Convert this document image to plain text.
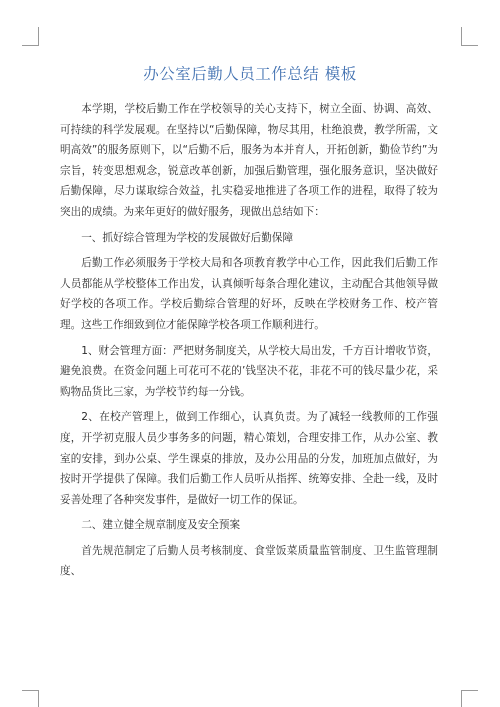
办公室后勤人员工作总结 模板

本学期，学校后勤工作在学校领导的关心支持下，树立全面、协调、高效、可持续的科学发展观。在坚持以“后勤保障，物尽其用，杜绝浪费，教学所需，文明高效”的服务原则下，以“后勤不后，服务为本并育人，开拓创新，勤俭节约”为宗旨，转变思想观念，锐意改革创新，加强后勤管理，强化服务意识，坚决做好后勤保障，尽力谋取综合效益，扎实稳妥地推进了各项工作的进程，取得了较为突出的成绩。为来年更好的做好服务，现做出总结如下：

一、抓好综合管理为学校的发展做好后勤保障

后勤工作必须服务于学校大局和各项教育教学中心工作，因此我们后勤工作人员都能从学校整体工作出发，认真倾听每条合理化建议，主动配合其他领导做好学校的各项工作。学校后勤综合管理的好坏，反映在学校财务工作、校产管理。这些工作细致到位才能保障学校各项工作顺利进行。

1、财会管理方面：严把财务制度关，从学校大局出发，千方百计增收节资，避免浪费。在资金问题上可花可不花的’钱坚决不花，非花不可的钱尽量少花，采购物品货比三家，为学校节约每一分钱。

2、在校产管理上，做到工作细心，认真负责。为了减轻一线教师的工作强度，开学初克服人员少事务多的问题，精心策划，合理安排工作，从办公室、教室的安排，到办公桌、学生课桌的排放，及办公用品的分发，加班加点做好，为按时开学提供了保障。我们后勤工作人员听从指挥、统筹安排、全赴一线，及时妥善处理了各种突发事件，是做好一切工作的保证。

二、建立健全规章制度及安全预案

首先规范制定了后勤人员考核制度、食堂饭菜质量监管制度、卫生监管理制度、
